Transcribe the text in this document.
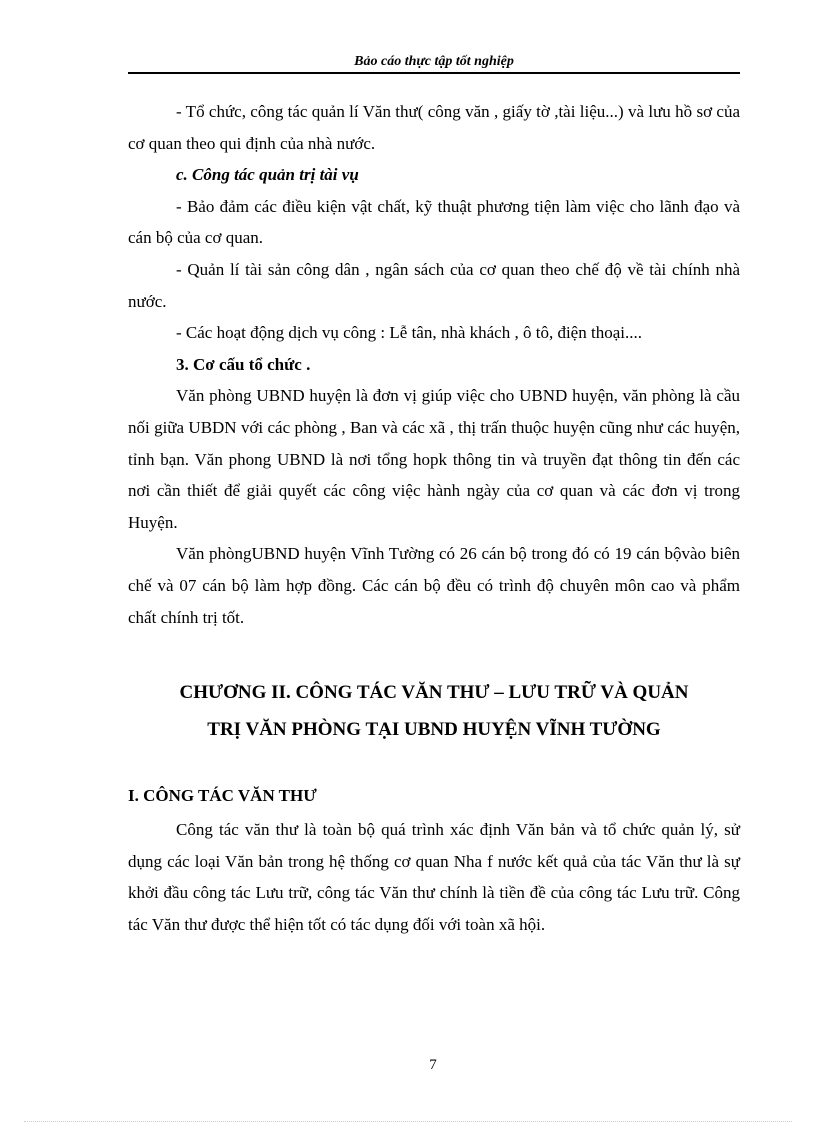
Bảo cáo thực tập tốt nghiệp

- Tổ chức, công tác quản lí Văn thư( công văn , giấy tờ ,tài liệu...) và lưu hồ sơ của cơ quan theo qui định của nhà nước.

c. Công tác quản trị tài vụ

- Bảo đảm các điều kiện vật chất, kỹ thuật phương tiện làm việc cho lãnh đạo và cán bộ của cơ quan.

- Quản lí tài sản công dân , ngân sách của cơ quan theo chế độ về tài chính nhà nước.

- Các hoạt động dịch vụ công : Lễ tân, nhà khách , ô tô, điện thoại....

3. Cơ cấu tổ chức .

Văn phòng UBND huyện là đơn vị giúp việc cho UBND huyện, văn phòng là cầu nối giữa UBDN với các phòng , Ban và các xã , thị trấn thuộc huyện cũng như các huyện, tỉnh bạn. Văn phong UBND là nơi tổng hopk thông tin và truyền đạt thông tin đến các nơi cần thiết để giải quyết các công việc hành ngày của cơ quan và các đơn vị trong Huyện.

Văn phòngUBND huyện Vĩnh Tường có 26 cán bộ trong đó có 19 cán bộvào biên chế và 07 cán bộ làm hợp đồng. Các cán bộ đều có trình độ chuyên môn cao và phẩm chất chính trị tốt.

CHƯƠNG II. CÔNG TÁC VĂN THƯ – LƯU TRỮ VÀ QUẢN
TRỊ VĂN PHÒNG TẠI UBND HUYỆN VĨNH TƯỜNG
I. CÔNG TÁC VĂN THƯ

Công tác văn thư là toàn bộ quá trình xác định Văn bản và tổ chức quản lý, sử dụng các loại Văn bản trong hệ thống cơ quan Nha f nước kết quả của tác Văn thư là sự khởi đầu công tác Lưu trữ, công tác Văn thư chính là tiền đề của công tác Lưu trữ. Công tác Văn thư được thể hiện tốt có tác dụng đối với toàn xã hội.

7
